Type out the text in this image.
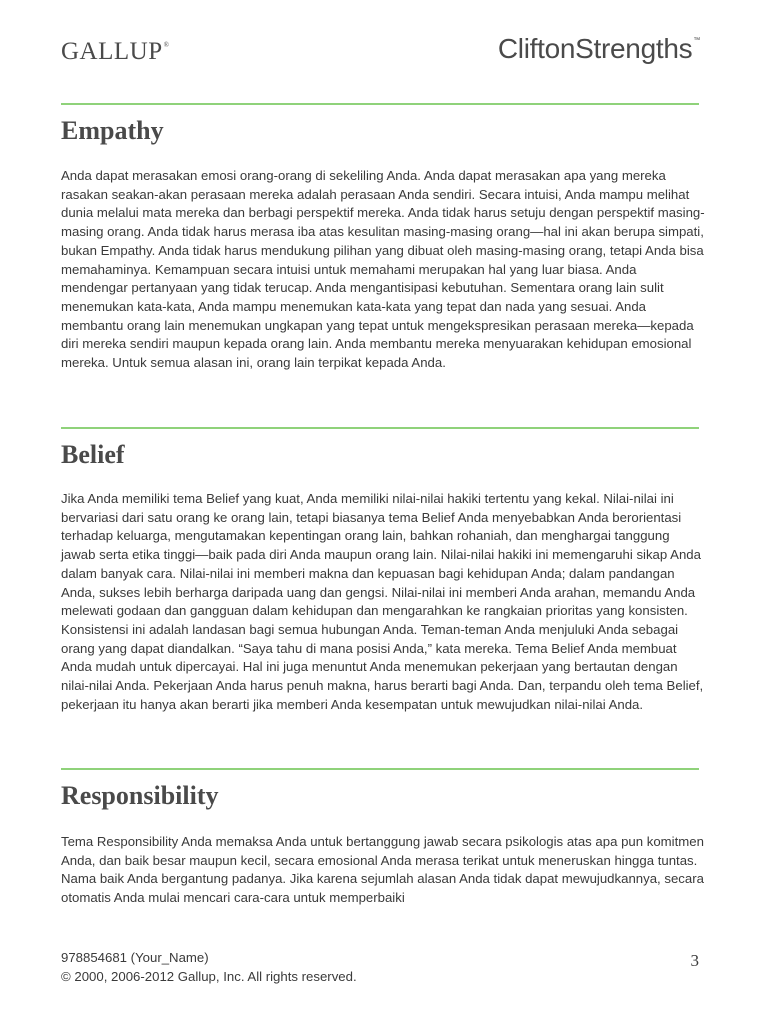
GALLUP®	CliftonStrengths™
Empathy

Anda dapat merasakan emosi orang-orang di sekeliling Anda. Anda dapat merasakan apa yang mereka rasakan seakan-akan perasaan mereka adalah perasaan Anda sendiri. Secara intuisi, Anda mampu melihat dunia melalui mata mereka dan berbagi perspektif mereka. Anda tidak harus setuju dengan perspektif masing-masing orang. Anda tidak harus merasa iba atas kesulitan masing-masing orang—hal ini akan berupa simpati, bukan Empathy. Anda tidak harus mendukung pilihan yang dibuat oleh masing-masing orang, tetapi Anda bisa memahaminya. Kemampuan secara intuisi untuk memahami merupakan hal yang luar biasa. Anda mendengar pertanyaan yang tidak terucap. Anda mengantisipasi kebutuhan. Sementara orang lain sulit menemukan kata-kata, Anda mampu menemukan kata-kata yang tepat dan nada yang sesuai. Anda membantu orang lain menemukan ungkapan yang tepat untuk mengekspresikan perasaan mereka—kepada diri mereka sendiri maupun kepada orang lain. Anda membantu mereka menyuarakan kehidupan emosional mereka. Untuk semua alasan ini, orang lain terpikat kepada Anda.

Belief

Jika Anda memiliki tema Belief yang kuat, Anda memiliki nilai-nilai hakiki tertentu yang kekal. Nilai-nilai ini bervariasi dari satu orang ke orang lain, tetapi biasanya tema Belief Anda menyebabkan Anda berorientasi terhadap keluarga, mengutamakan kepentingan orang lain, bahkan rohaniah, dan menghargai tanggung jawab serta etika tinggi—baik pada diri Anda maupun orang lain. Nilai-nilai hakiki ini memengaruhi sikap Anda dalam banyak cara. Nilai-nilai ini memberi makna dan kepuasan bagi kehidupan Anda; dalam pandangan Anda, sukses lebih berharga daripada uang dan gengsi. Nilai-nilai ini memberi Anda arahan, memandu Anda melewati godaan dan gangguan dalam kehidupan dan mengarahkan ke rangkaian prioritas yang konsisten. Konsistensi ini adalah landasan bagi semua hubungan Anda. Teman-teman Anda menjuluki Anda sebagai orang yang dapat diandalkan. “Saya tahu di mana posisi Anda,” kata mereka. Tema Belief Anda membuat Anda mudah untuk dipercayai. Hal ini juga menuntut Anda menemukan pekerjaan yang bertautan dengan nilai-nilai Anda. Pekerjaan Anda harus penuh makna, harus berarti bagi Anda. Dan, terpandu oleh tema Belief, pekerjaan itu hanya akan berarti jika memberi Anda kesempatan untuk mewujudkan nilai-nilai Anda.

Responsibility

Tema Responsibility Anda memaksa Anda untuk bertanggung jawab secara psikologis atas apa pun komitmen Anda, dan baik besar maupun kecil, secara emosional Anda merasa terikat untuk meneruskan hingga tuntas. Nama baik Anda bergantung padanya. Jika karena sejumlah alasan Anda tidak dapat mewujudkannya, secara otomatis Anda mulai mencari cara-cara untuk memperbaiki

978854681 (Your_Name)
© 2000, 2006-2012 Gallup, Inc. All rights reserved.
3
